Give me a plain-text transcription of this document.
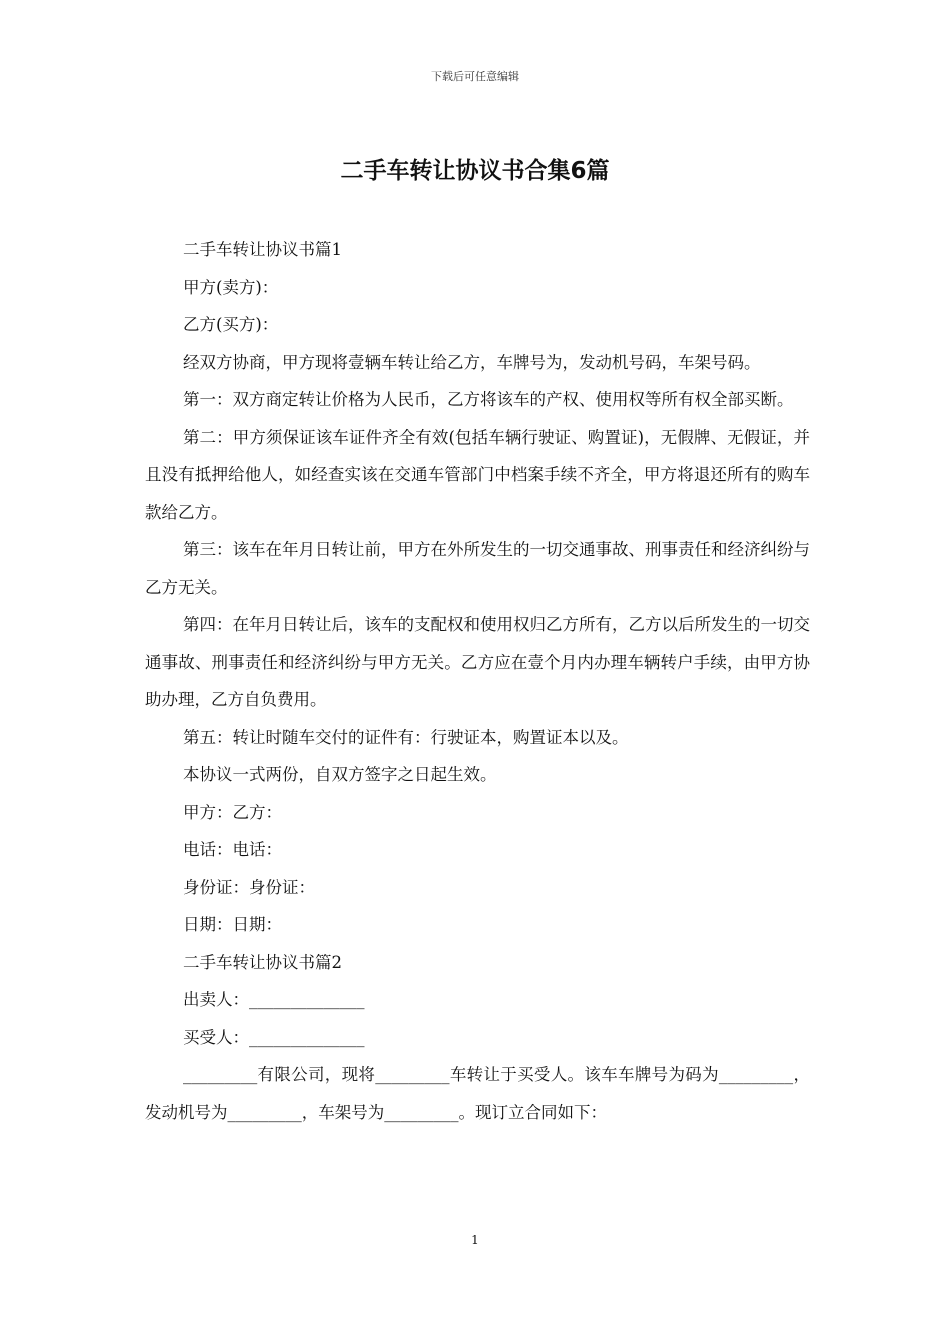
下载后可任意编辑
二手车转让协议书合集6篇

二手车转让协议书篇1

甲方(卖方)：

乙方(买方)：

经双方协商，甲方现将壹辆车转让给乙方，车牌号为，发动机号码，车架号码。

第一：双方商定转让价格为人民币，乙方将该车的产权、使用权等所有权全部买断。

第二：甲方须保证该车证件齐全有效(包括车辆行驶证、购置证)，无假牌、无假证，并且没有抵押给他人，如经查实该在交通车管部门中档案手续不齐全，甲方将退还所有的购车款给乙方。

第三：该车在年月日转让前，甲方在外所发生的一切交通事故、刑事责任和经济纠纷与乙方无关。

第四：在年月日转让后，该车的支配权和使用权归乙方所有，乙方以后所发生的一切交通事故、刑事责任和经济纠纷与甲方无关。乙方应在壹个月内办理车辆转户手续，由甲方协助办理，乙方自负费用。

第五：转让时随车交付的证件有：行驶证本，购置证本以及。

本协议一式两份，自双方签字之日起生效。

甲方：乙方：

电话：电话：

身份证：身份证：

日期：日期：

二手车转让协议书篇2

出卖人：______________

买受人：______________

_________有限公司，现将_________车转让于买受人。该车车牌号为码为_________，发动机号为_________，车架号为_________。现订立合同如下：

1
